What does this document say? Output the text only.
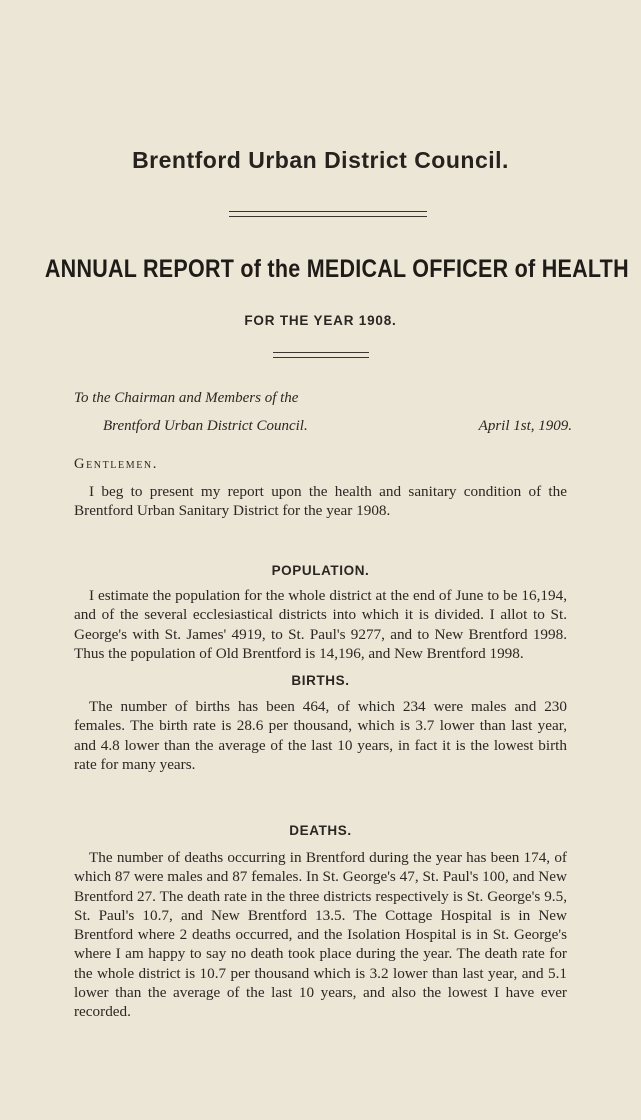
Brentford Urban District Council.
ANNUAL REPORT of the MEDICAL OFFICER of HEALTH
FOR THE YEAR 1908.
To the Chairman and Members of the
Brentford Urban District Council.	April 1st, 1909.
Gentlemen.

I beg to present my report upon the health and sanitary condition of the Brentford Urban Sanitary District for the year 1908.

POPULATION.

I estimate the population for the whole district at the end of June to be 16,194, and of the several ecclesiastical districts into which it is divided. I allot to St. George's with St. James' 4919, to St. Paul's 9277, and to New Brentford 1998. Thus the population of Old Brentford is 14,196, and New Brentford 1998.

BIRTHS.

The number of births has been 464, of which 234 were males and 230 females. The birth rate is 28.6 per thousand, which is 3.7 lower than last year, and 4.8 lower than the average of the last 10 years, in fact it is the lowest birth rate for many years.

DEATHS.

The number of deaths occurring in Brentford during the year has been 174, of which 87 were males and 87 females. In St. George's 47, St. Paul's 100, and New Brentford 27. The death rate in the three districts respectively is St. George's 9.5, St. Paul's 10.7, and New Brentford 13.5. The Cottage Hospital is in New Brentford where 2 deaths occurred, and the Isolation Hospital is in St. George's where I am happy to say no death took place during the year. The death rate for the whole district is 10.7 per thousand which is 3.2 lower than last year, and 5.1 lower than the average of the last 10 years, and also the lowest I have ever recorded.
